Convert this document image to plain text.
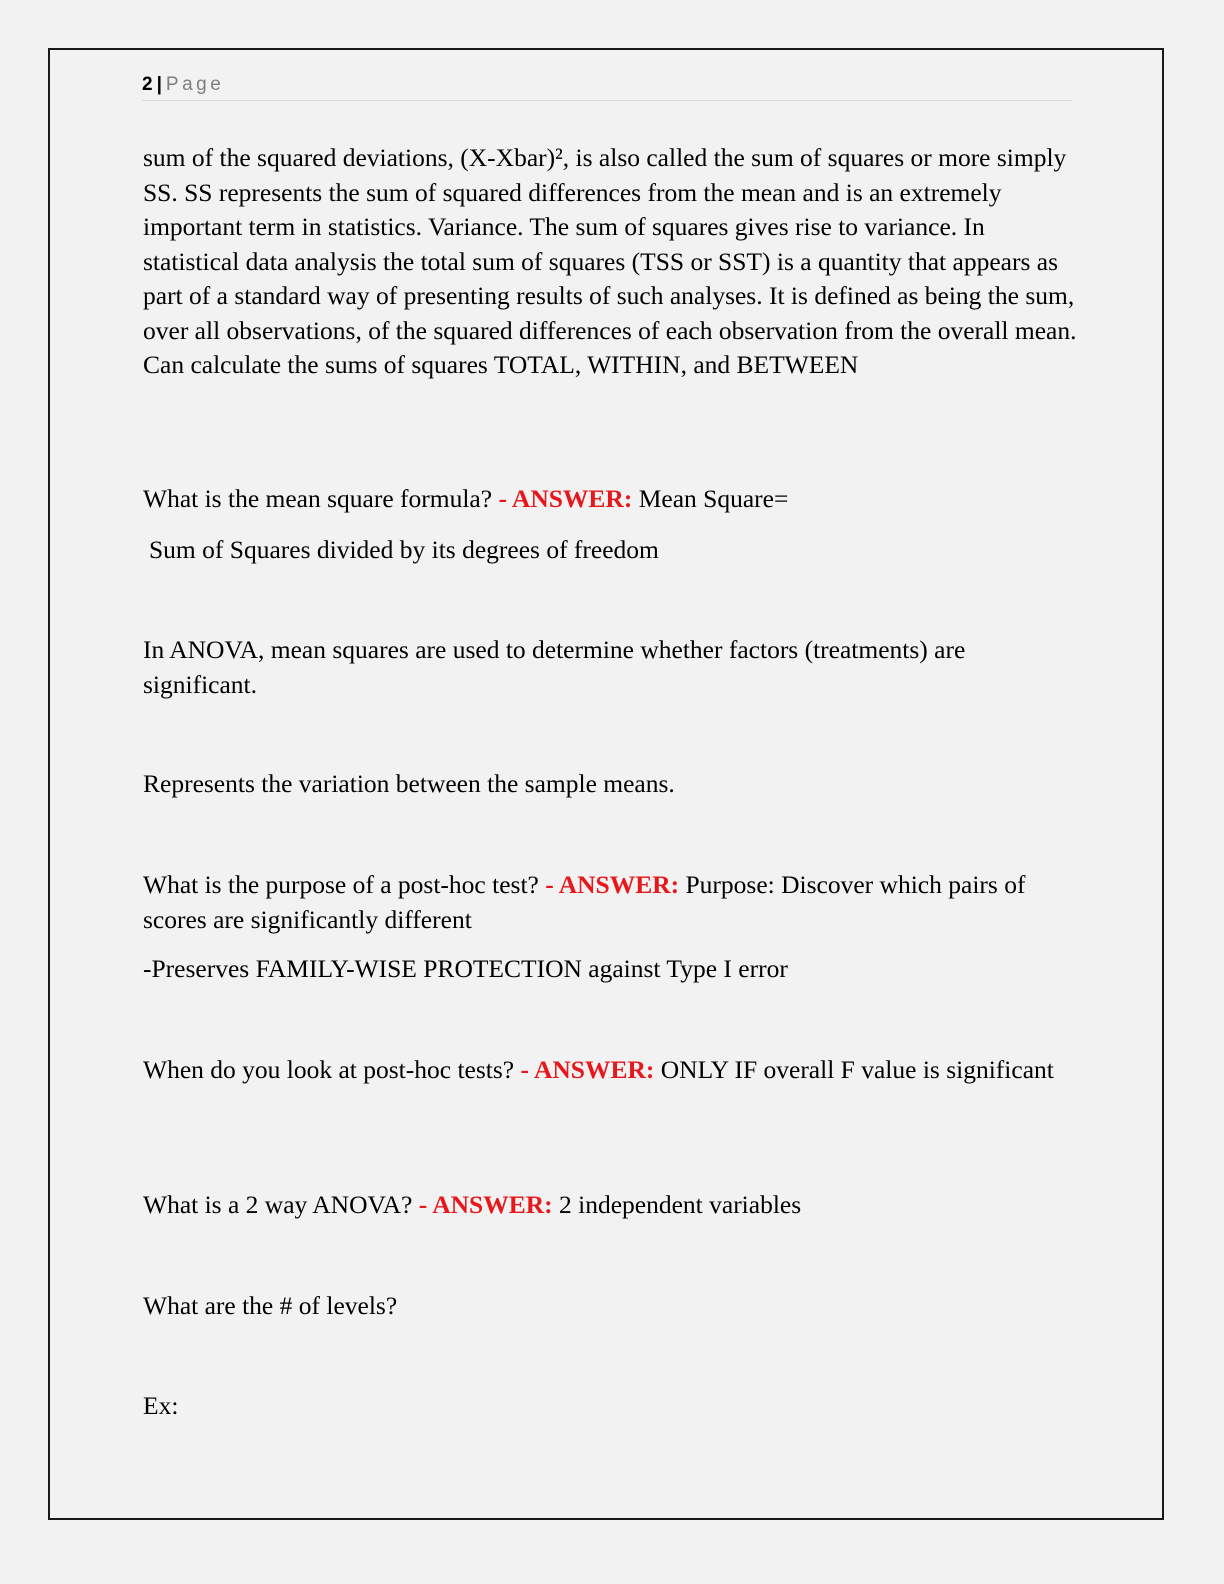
2 | Page

sum of the squared deviations, (X-Xbar)², is also called the sum of squares or more simply SS. SS represents the sum of squared differences from the mean and is an extremely important term in statistics. Variance. The sum of squares gives rise to variance. In statistical data analysis the total sum of squares (TSS or SST) is a quantity that appears as part of a standard way of presenting results of such analyses. It is defined as being the sum, over all observations, of the squared differences of each observation from the overall mean. Can calculate the sums of squares TOTAL, WITHIN, and BETWEEN

What is the mean square formula? - ANSWER: Mean Square=

Sum of Squares divided by its degrees of freedom

In ANOVA, mean squares are used to determine whether factors (treatments) are significant.

Represents the variation between the sample means.

What is the purpose of a post-hoc test? - ANSWER: Purpose: Discover which pairs of scores are significantly different

-Preserves FAMILY-WISE PROTECTION against Type I error

When do you look at post-hoc tests? - ANSWER: ONLY IF overall F value is significant

What is a 2 way ANOVA? - ANSWER: 2 independent variables

What are the # of levels?

Ex:
